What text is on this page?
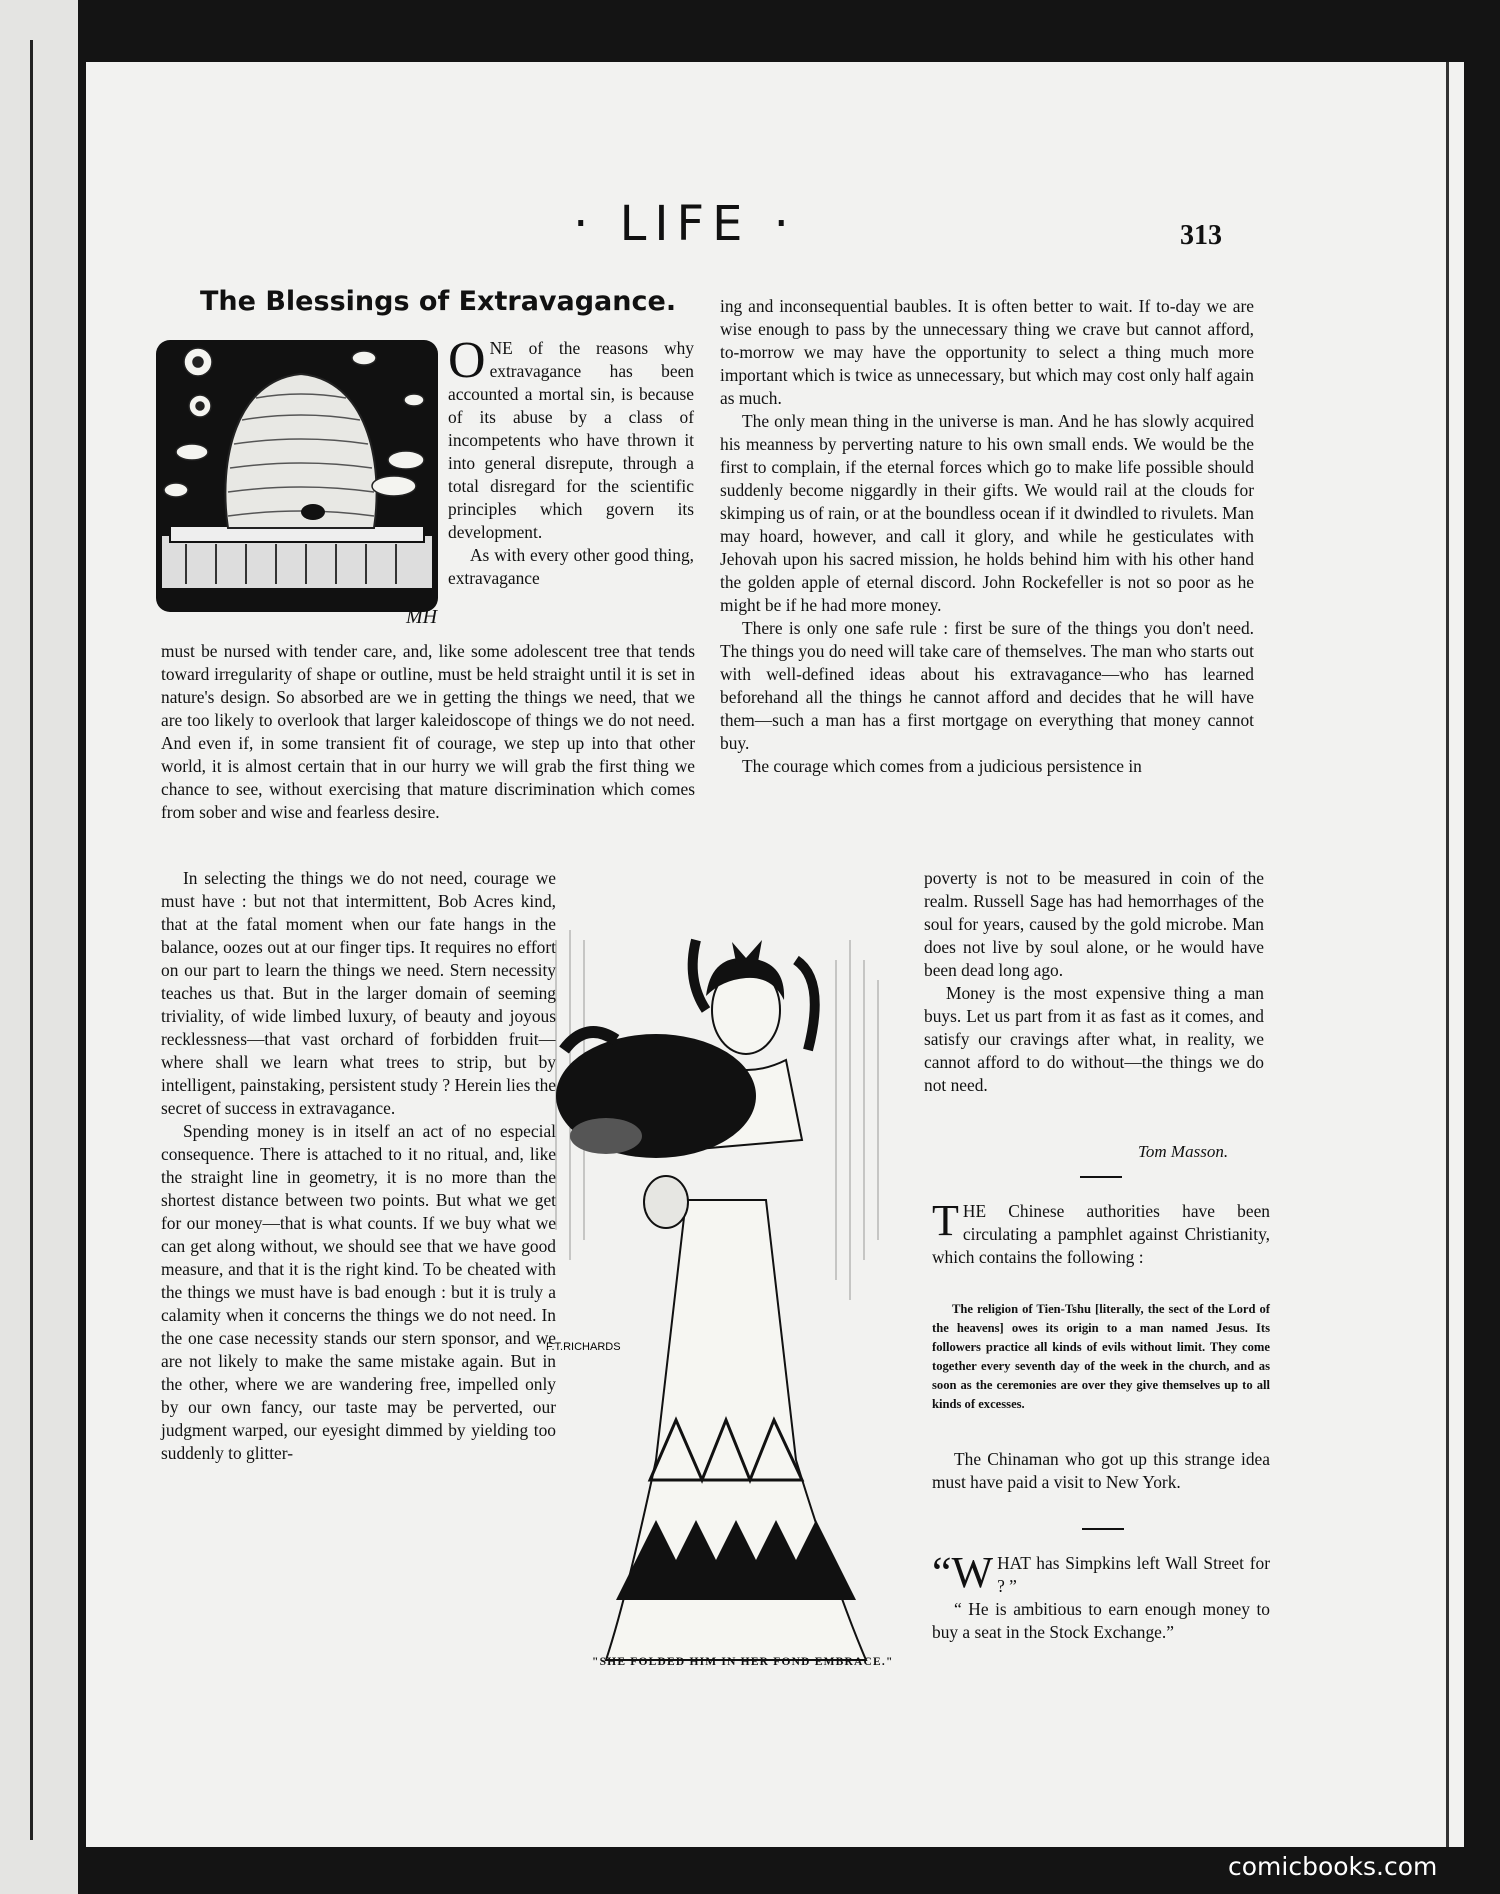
· LIFE ·	313
The Blessings of Extravagance.
MH

ONE of the reasons why extravagance has been accounted a mortal sin, is because of its abuse by a class of incompetents who have thrown it into general disrepute, through a total disregard for the scientific principles which govern its development.

As with every other good thing, extravagance

must be nursed with tender care, and, like some adolescent tree that tends toward irregularity of shape or outline, must be held straight until it is set in nature's design. So absorbed are we in getting the things we need, that we are too likely to overlook that larger kaleidoscope of things we do not need. And even if, in some transient fit of courage, we step up into that other world, it is almost certain that in our hurry we will grab the first thing we chance to see, without exercising that mature discrimination which comes from sober and wise and fearless desire.

In selecting the things we do not need, courage we must have : but not that intermittent, Bob Acres kind, that at the fatal moment when our fate hangs in the balance, oozes out at our finger tips. It requires no effort on our part to learn the things we need. Stern necessity teaches us that. But in the larger domain of seeming triviality, of wide limbed luxury, of beauty and joyous recklessness—that vast orchard of forbidden fruit—where shall we learn what trees to strip, but by intelligent, painstaking, persistent study ? Herein lies the secret of success in extravagance.

Spending money is in itself an act of no especial consequence. There is attached to it no ritual, and, like the straight line in geometry, it is no more than the shortest distance between two points. But what we get for our money—that is what counts. If we buy what we can get along without, we should see that we have good measure, and that it is the right kind. To be cheated with the things we must have is bad enough : but it is truly a calamity when it concerns the things we do not need. In the one case necessity stands our stern sponsor, and we are not likely to make the same mistake again. But in the other, where we are wandering free, impelled only by our own fancy, our taste may be perverted, our judgment warped, our eyesight dimmed by yielding too suddenly to glitter-

ing and inconsequential baubles. It is often better to wait. If to-day we are wise enough to pass by the unnecessary thing we crave but cannot afford, to-morrow we may have the opportunity to select a thing much more important which is twice as unnecessary, but which may cost only half again as much.

The only mean thing in the universe is man. And he has slowly acquired his meanness by perverting nature to his own small ends. We would be the first to complain, if the eternal forces which go to make life possible should suddenly become niggardly in their gifts. We would rail at the clouds for skimping us of rain, or at the boundless ocean if it dwindled to rivulets. Man may hoard, however, and call it glory, and while he gesticulates with Jehovah upon his sacred mission, he holds behind him with his other hand the golden apple of eternal discord. John Rockefeller is not so poor as he might be if he had more money.

There is only one safe rule : first be sure of the things you don't need. The things you do need will take care of themselves. The man who starts out with well-defined ideas about his extravagance—who has learned beforehand all the things he cannot afford and decides that he will have them—such a man has a first mortgage on everything that money cannot buy.

The courage which comes from a judicious persistence in

poverty is not to be measured in coin of the realm. Russell Sage has had hemorrhages of the soul for years, caused by the gold microbe. Man does not live by soul alone, or he would have been dead long ago.

Money is the most expensive thing a man buys. Let us part from it as fast as it comes, and satisfy our cravings after what, in reality, we cannot afford to do without—the things we do not need.

Tom Masson.
F.T.RICHARDS
"SHE FOLDED HIM IN HER FOND EMBRACE."

THE Chinese authorities have been circulating a pamphlet against Christianity, which contains the following :

The religion of Tien-Tshu [literally, the sect of the Lord of the heavens] owes its origin to a man named Jesus. Its followers practice all kinds of evils without limit. They come together every seventh day of the week in the church, and as soon as the ceremonies are over they give themselves up to all kinds of excesses.

The Chinaman who got up this strange idea must have paid a visit to New York.

“WHAT has Simpkins left Wall Street for ? ”

“ He is ambitious to earn enough money to buy a seat in the Stock Exchange.”

comicbooks.com
